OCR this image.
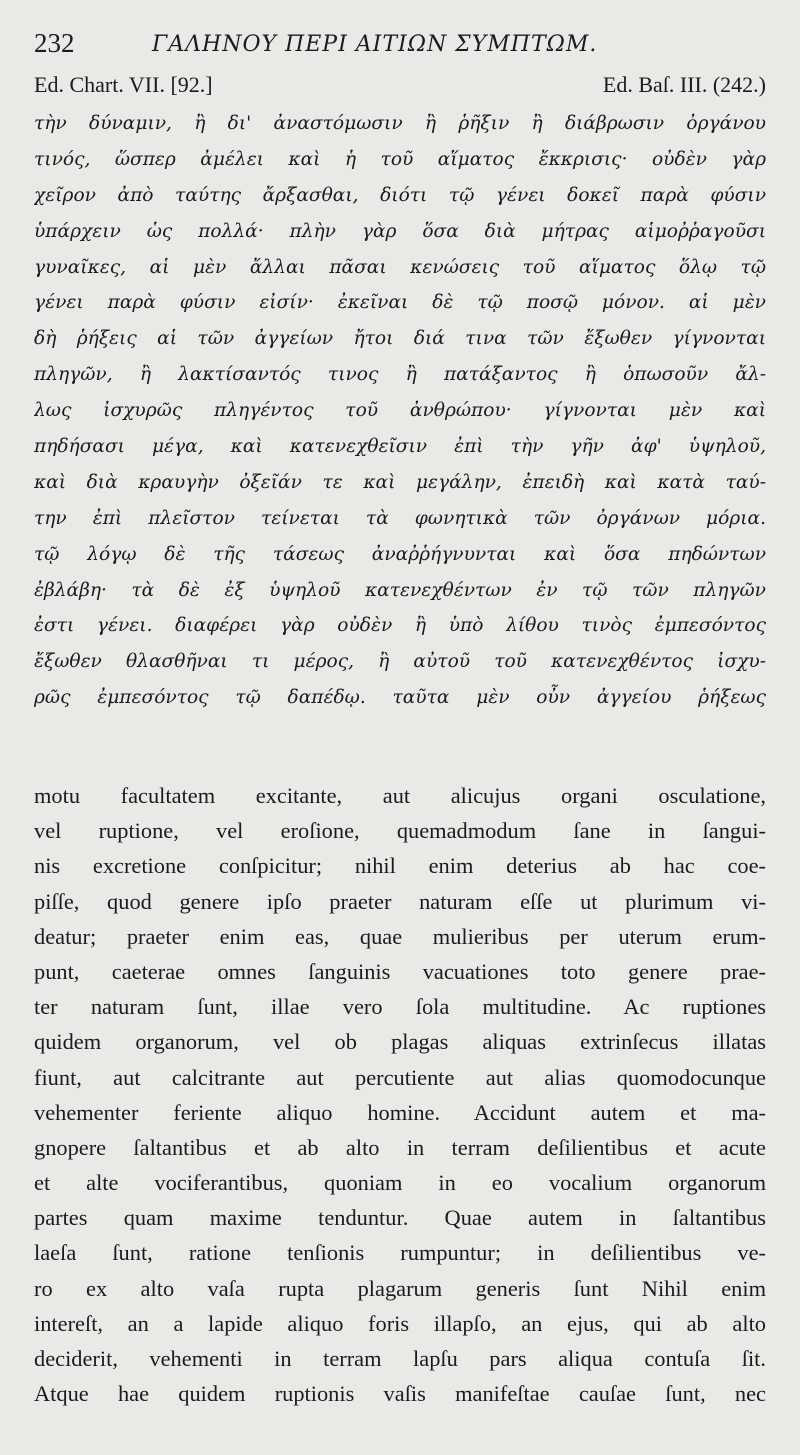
232	ΓΑΛΗΝΟΥ ΠΕΡΙ ΑΙΤΙΩΝ ΣΥΜΠΤΩΜ.
Ed. Chart. VII. [92.]	Ed. Baſ. III. (242.)
τὴν δύναμιν, ἢ δι' ἀναστόμωσιν ἢ ῥῆξιν ἢ διάβρωσιν ὀργάνου
τινός, ὥσπερ ἀμέλει καὶ ἡ τοῦ αἵματος ἔκκρισις· οὐδὲν γὰρ
χεῖρον ἀπὸ ταύτης ἄρξασθαι, διότι τῷ γένει δοκεῖ παρὰ φύσιν
ὑπάρχειν ὡς πολλά· πλὴν γὰρ ὅσα διὰ μήτρας αἱμοῤῥαγοῦσι
γυναῖκες, αἱ μὲν ἄλλαι πᾶσαι κενώσεις τοῦ αἵματος ὅλῳ τῷ
γένει παρὰ φύσιν εἰσίν· ἐκεῖναι δὲ τῷ ποσῷ μόνον. αἱ μὲν
δὴ ῥήξεις αἱ τῶν ἀγγείων ἤτοι διά τινα τῶν ἔξωθεν γίγνονται
πληγῶν, ἢ λακτίσαντός τινος ἢ πατάξαντος ἢ ὁπωσοῦν ἄλ-
λως ἰσχυρῶς πληγέντος τοῦ ἀνθρώπου· γίγνονται μὲν καὶ
πηδήσασι μέγα, καὶ κατενεχθεῖσιν ἐπὶ τὴν γῆν ἀφ' ὑψηλοῦ,
καὶ διὰ κραυγὴν ὀξεῖάν τε καὶ μεγάλην, ἐπειδὴ καὶ κατὰ ταύ-
την ἐπὶ πλεῖστον τείνεται τὰ φωνητικὰ τῶν ὀργάνων μόρια.
τῷ λόγῳ δὲ τῆς τάσεως ἀναῤῥήγνυνται καὶ ὅσα πηδώντων
ἐβλάβη· τὰ δὲ ἐξ ὑψηλοῦ κατενεχθέντων ἐν τῷ τῶν πληγῶν
ἐστι γένει. διαφέρει γὰρ οὐδὲν ἢ ὑπὸ λίθου τινὸς ἐμπεσόντος
ἔξωθεν θλασθῆναι τι μέρος, ἢ αὐτοῦ τοῦ κατενεχθέντος ἰσχυ-
ρῶς ἐμπεσόντος τῷ δαπέδῳ. ταῦτα μὲν οὖν ἀγγείου ῥήξεως
motu facultatem excitante, aut alicujus organi osculatione,
vel ruptione, vel eroſione, quemadmodum ſane in ſangui-
nis excretione conſpicitur; nihil enim deterius ab hac coe-
piſſe, quod genere ipſo praeter naturam eſſe ut plurimum vi-
deatur; praeter enim eas, quae mulieribus per uterum erum-
punt, caeterae omnes ſanguinis vacuationes toto genere prae-
ter naturam ſunt, illae vero ſola multitudine. Ac ruptiones
quidem organorum, vel ob plagas aliquas extrinſecus illatas
fiunt, aut calcitrante aut percutiente aut alias quomodocunque
vehementer feriente aliquo homine. Accidunt autem et ma-
gnopere ſaltantibus et ab alto in terram deſilientibus et acute
et alte vociferantibus, quoniam in eo vocalium organorum
partes quam maxime tenduntur. Quae autem in ſaltantibus
laeſa ſunt, ratione tenſionis rumpuntur; in deſilientibus ve-
ro ex alto vaſa rupta plagarum generis ſunt Nihil enim
intereſt, an a lapide aliquo foris illapſo, an ejus, qui ab alto
deciderit, vehementi in terram lapſu pars aliqua contuſa ſit.
Atque hae quidem ruptionis vaſis manifeſtae cauſae ſunt, nec
